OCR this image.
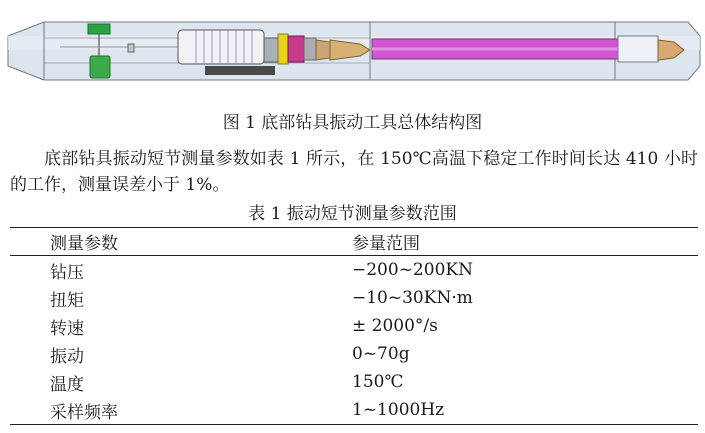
图 1 底部钻具振动工具总体结构图
底部钻具振动短节测量参数如表 1 所示，在 150℃高温下稳定工作时间长达 410 小时的工作，测量误差小于 1%。
表 1 振动短节测量参数范围
测量参数	参量范围
钻压	−200~200KN
扭矩	−10~30KN·m
转速	± 2000°/s
振动	0~70g
温度	150℃
采样频率	1~1000Hz
